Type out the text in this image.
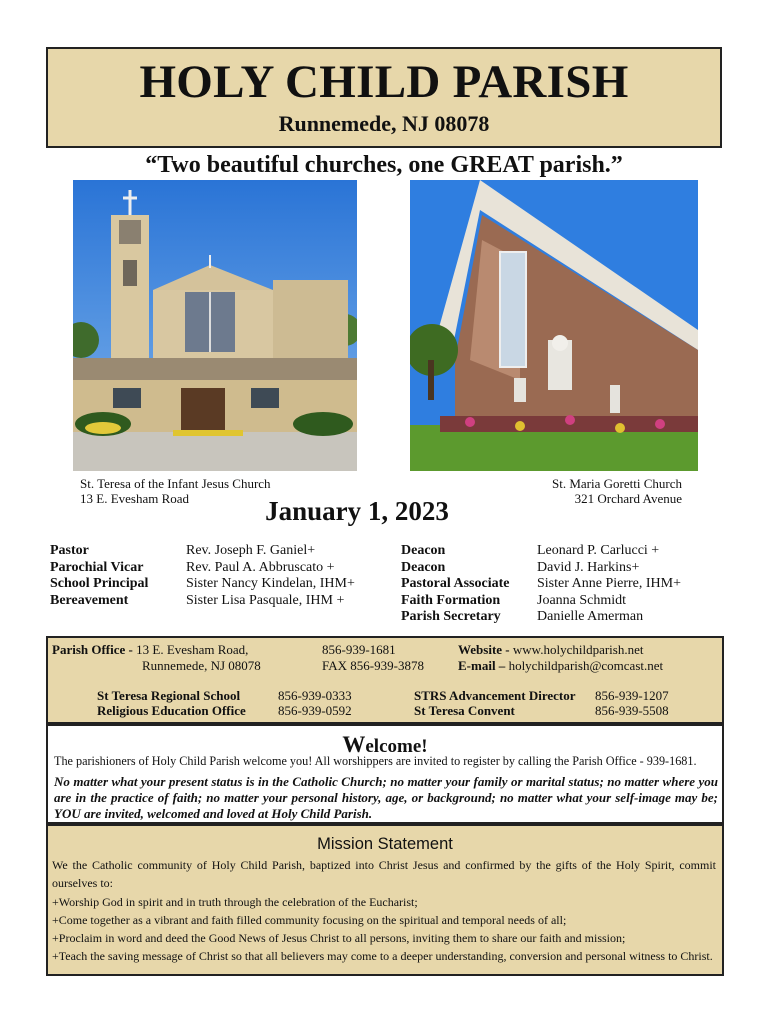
HOLY CHILD PARISH
Runnemede, NJ 08078
“Two beautiful churches, one GREAT parish.”
St. Teresa of the Infant Jesus Church
13 E. Evesham Road
St. Maria Goretti Church
321 Orchard Avenue
January 1, 2023
Pastor	Rev. Joseph F. Ganiel+
Parochial Vicar	Rev. Paul A. Abbruscato +
School Principal	Sister Nancy Kindelan, IHM+
Bereavement	Sister Lisa Pasquale, IHM +
Deacon	Leonard P. Carlucci +
Deacon	David J. Harkins+
Pastoral Associate	Sister Anne Pierre, IHM+
Faith Formation	Joanna Schmidt
Parish Secretary	Danielle Amerman
Parish Office - 13 E. Evesham Road,
Runnemede, NJ 08078
856-939-1681
FAX 856-939-3878
Website - www.holychildparish.net
E-mail – holychildparish@comcast.net
St Teresa Regional School	856-939-0333
Religious Education Office 856-939-0592
STRS Advancement Director 856-939-1207
St Teresa Convent	856-939-5508
Welcome!
The parishioners of Holy Child Parish welcome you! All worshippers are invited to register by calling the Parish Office - 939-1681.
No matter what your present status is in the Catholic Church; no matter your family or marital status; no matter where you are in the practice of faith; no matter your personal history, age, or background; no matter what your self-image may be; YOU are invited, welcomed and loved at Holy Child Parish.
Mission Statement

We the Catholic community of Holy Child Parish, baptized into Christ Jesus and confirmed by the gifts of the Holy Spirit, commit ourselves to:

+Worship God in spirit and in truth through the celebration of the Eucharist;

+Come together as a vibrant and faith filled community focusing on the spiritual and temporal needs of all;

+Proclaim in word and deed the Good News of Jesus Christ to all persons, inviting them to share our faith and mission;

+Teach the saving message of Christ so that all believers may come to a deeper understanding, conversion and personal witness to Christ.
